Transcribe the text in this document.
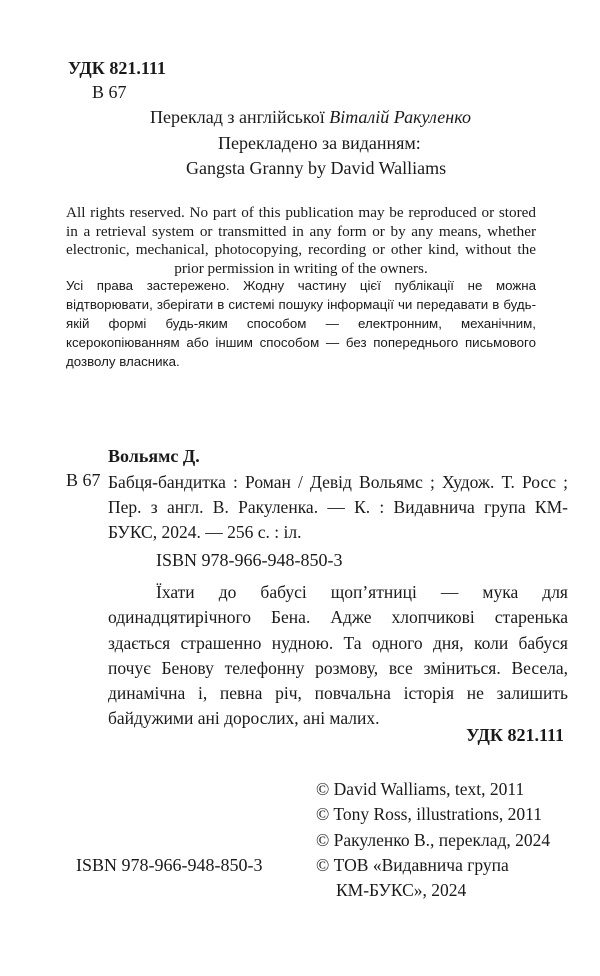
УДК 821.111
В 67
Переклад з англійської Віталій Ракуленко
Перекладено за виданням:
Gangsta Granny by David Walliams
All rights reserved. No part of this publication may be reproduced or stored in a retrieval system or transmitted in any form or by any means, whether electronic, mechanical, photocopying, recording or other kind, without the prior permission in writing of the owners.
Усі права застережено. Жодну частину цієї публікації не можна відтворювати, зберігати в системі пошуку інформації чи передавати в будь-якій формі будь-яким способом — електронним, механічним, ксерокопіюванням або іншим способом — без попереднього письмового дозволу власника.
Вольямс Д.
В 67 Бабця-бандитка : Роман / Девід Вольямс ; Худож. Т. Росс ; Пер. з англ. В. Ракуленка. — К. : Видавнича група КМ-БУКС, 2024. — 256 с. : іл.
ISBN 978-966-948-850-3
Їхати до бабусі щоп’ятниці — мука для одинадцятирічного Бена. Адже хлопчикові старенька здається страшенно нудною. Та одного дня, коли бабуся почує Бенову телефонну розмову, все зміниться. Весела, динамічна і, певна річ, повчальна історія не залишить байдужими ані дорослих, ані малих.
УДК 821.111
© David Walliams, text, 2011
© Tony Ross, illustrations, 2011
© Ракуленко В., переклад, 2024
© ТОВ «Видавнича група
КМ-БУКС», 2024
ISBN 978-966-948-850-3
